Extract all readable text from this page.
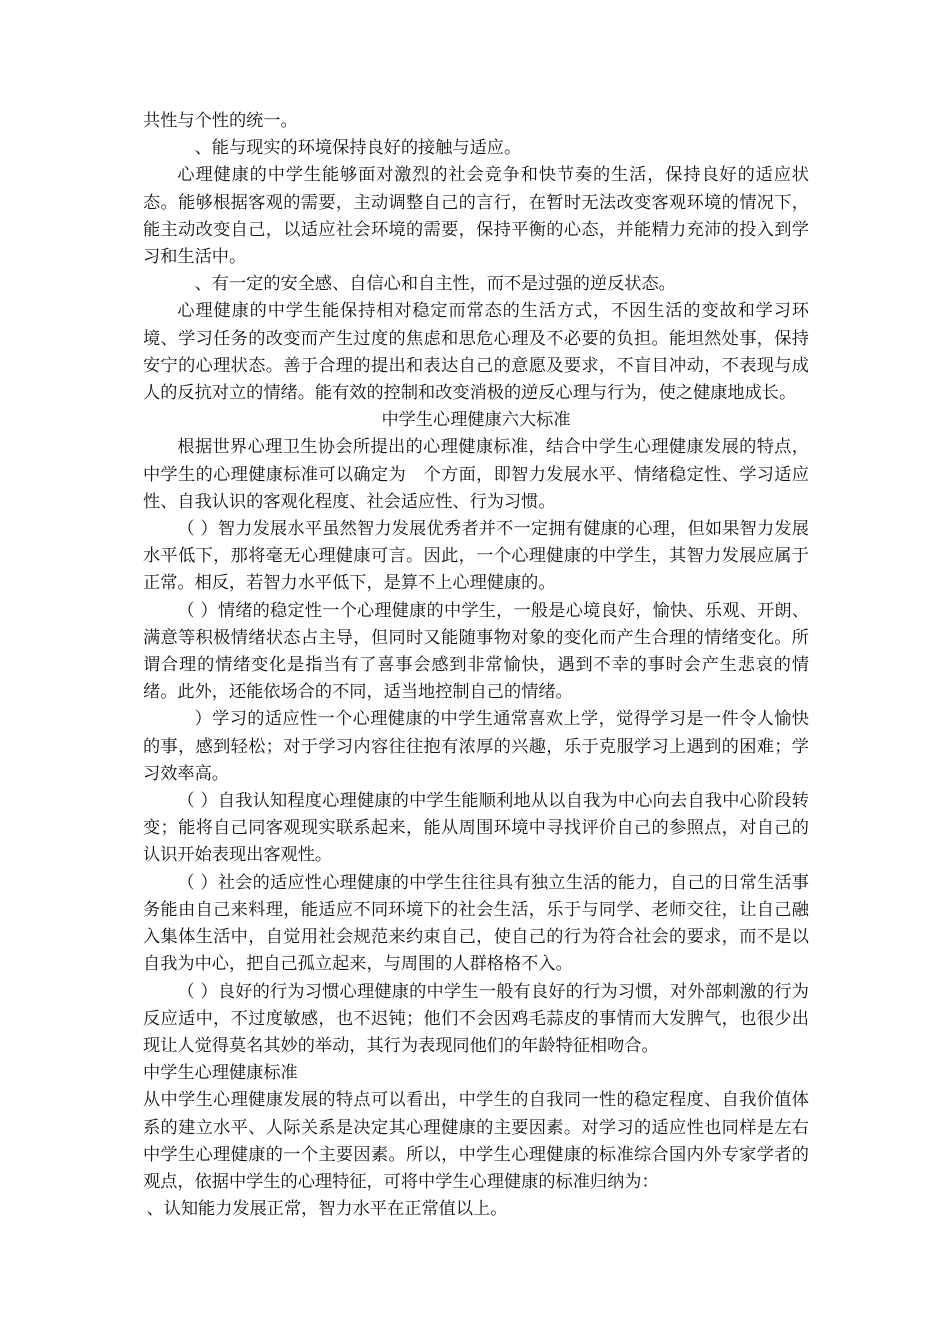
共性与个性的统一。

、能与现实的环境保持良好的接触与适应。

心理健康的中学生能够面对激烈的社会竞争和快节奏的生活，保持良好的适应状态。能够根据客观的需要，主动调整自己的言行，在暂时无法改变客观环境的情况下，能主动改变自己，以适应社会环境的需要，保持平衡的心态，并能精力充沛的投入到学习和生活中。

、有一定的安全感、自信心和自主性，而不是过强的逆反状态。

心理健康的中学生能保持相对稳定而常态的生活方式，不因生活的变故和学习环境、学习任务的改变而产生过度的焦虑和思危心理及不必要的负担。能坦然处事，保持安宁的心理状态。善于合理的提出和表达自己的意愿及要求，不盲目冲动，不表现与成人的反抗对立的情绪。能有效的控制和改变消极的逆反心理与行为，使之健康地成长。

中学生心理健康六大标准

根据世界心理卫生协会所提出的心理健康标准，结合中学生心理健康发展的特点，中学生的心理健康标准可以确定为　个方面，即智力发展水平、情绪稳定性、学习适应性、自我认识的客观化程度、社会适应性、行为习惯。

（ ）智力发展水平虽然智力发展优秀者并不一定拥有健康的心理，但如果智力发展水平低下，那将毫无心理健康可言。因此，一个心理健康的中学生，其智力发展应属于正常。相反，若智力水平低下，是算不上心理健康的。

（ ）情绪的稳定性一个心理健康的中学生，一般是心境良好，愉快、乐观、开朗、满意等积极情绪状态占主导，但同时又能随事物对象的变化而产生合理的情绪变化。所谓合理的情绪变化是指当有了喜事会感到非常愉快，遇到不幸的事时会产生悲哀的情绪。此外，还能依场合的不同，适当地控制自己的情绪。

）学习的适应性一个心理健康的中学生通常喜欢上学，觉得学习是一件令人愉快的事，感到轻松；对于学习内容往往抱有浓厚的兴趣，乐于克服学习上遇到的困难；学习效率高。

（ ）自我认知程度心理健康的中学生能顺利地从以自我为中心向去自我中心阶段转变；能将自己同客观现实联系起来，能从周围环境中寻找评价自己的参照点，对自己的认识开始表现出客观性。

（ ）社会的适应性心理健康的中学生往往具有独立生活的能力，自己的日常生活事务能由自己来料理，能适应不同环境下的社会生活，乐于与同学、老师交往，让自己融入集体生活中，自觉用社会规范来约束自己，使自己的行为符合社会的要求，而不是以自我为中心，把自己孤立起来，与周围的人群格格不入。

（ ）良好的行为习惯心理健康的中学生一般有良好的行为习惯，对外部刺激的行为反应适中，不过度敏感，也不迟钝；他们不会因鸡毛蒜皮的事情而大发脾气，也很少出现让人觉得莫名其妙的举动，其行为表现同他们的年龄特征相吻合。

中学生心理健康标准

从中学生心理健康发展的特点可以看出，中学生的自我同一性的稳定程度、自我价值体系的建立水平、人际关系是决定其心理健康的主要因素。对学习的适应性也同样是左右中学生心理健康的一个主要因素。所以，中学生心理健康的标准综合国内外专家学者的观点，依据中学生的心理特征，可将中学生心理健康的标准归纳为：

、认知能力发展正常，智力水平在正常值以上。
